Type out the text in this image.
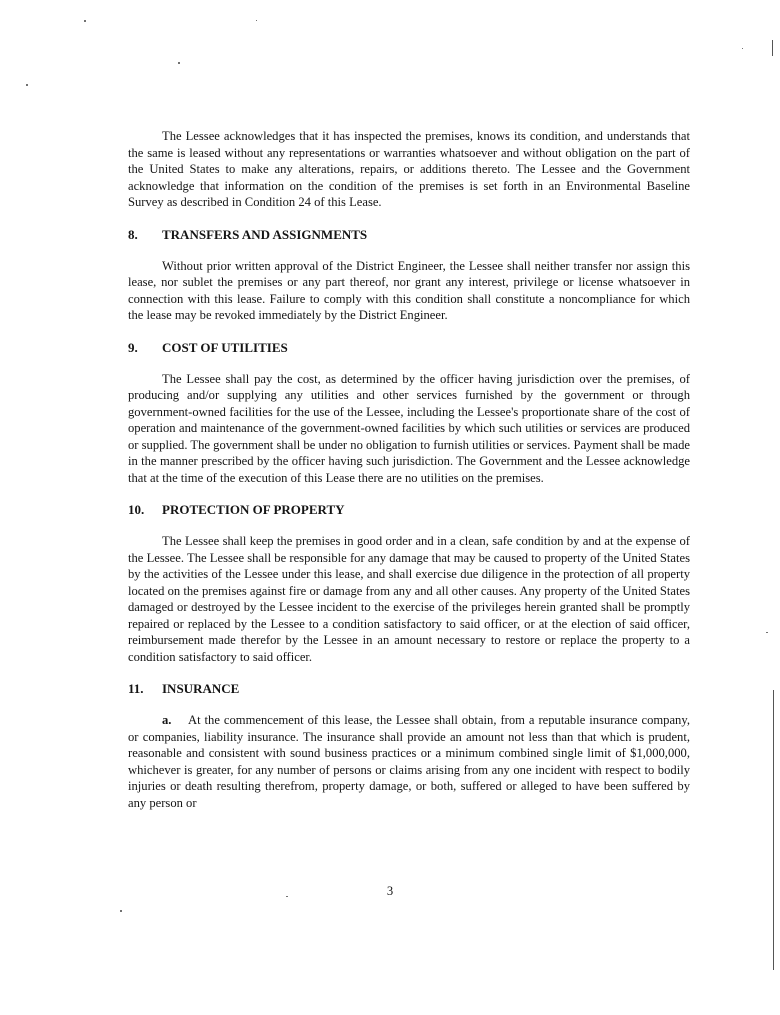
The Lessee acknowledges that it has inspected the premises, knows its condition, and understands that the same is leased without any representations or warranties whatsoever and without obligation on the part of the United States to make any alterations, repairs, or additions thereto. The Lessee and the Government acknowledge that information on the condition of the premises is set forth in an Environmental Baseline Survey as described in Condition 24 of this Lease.

8.	TRANSFERS AND ASSIGNMENTS

Without prior written approval of the District Engineer, the Lessee shall neither transfer nor assign this lease, nor sublet the premises or any part thereof, nor grant any interest, privilege or license whatsoever in connection with this lease. Failure to comply with this condition shall constitute a noncompliance for which the lease may be revoked immediately by the District Engineer.

9.	COST OF UTILITIES

The Lessee shall pay the cost, as determined by the officer having jurisdiction over the premises, of producing and/or supplying any utilities and other services furnished by the government or through government-owned facilities for the use of the Lessee, including the Lessee's proportionate share of the cost of operation and maintenance of the government-owned facilities by which such utilities or services are produced or supplied. The government shall be under no obligation to furnish utilities or services. Payment shall be made in the manner prescribed by the officer having such jurisdiction. The Government and the Lessee acknowledge that at the time of the execution of this Lease there are no utilities on the premises.

10.	PROTECTION OF PROPERTY

The Lessee shall keep the premises in good order and in a clean, safe condition by and at the expense of the Lessee. The Lessee shall be responsible for any damage that may be caused to property of the United States by the activities of the Lessee under this lease, and shall exercise due diligence in the protection of all property located on the premises against fire or damage from any and all other causes. Any property of the United States damaged or destroyed by the Lessee incident to the exercise of the privileges herein granted shall be promptly repaired or replaced by the Lessee to a condition satisfactory to said officer, or at the election of said officer, reimbursement made therefor by the Lessee in an amount necessary to restore or replace the property to a condition satisfactory to said officer.

11.	INSURANCE

a. At the commencement of this lease, the Lessee shall obtain, from a reputable insurance company, or companies, liability insurance. The insurance shall provide an amount not less than that which is prudent, reasonable and consistent with sound business practices or a minimum combined single limit of $1,000,000, whichever is greater, for any number of persons or claims arising from any one incident with respect to bodily injuries or death resulting therefrom, property damage, or both, suffered or alleged to have been suffered by any person or

3
